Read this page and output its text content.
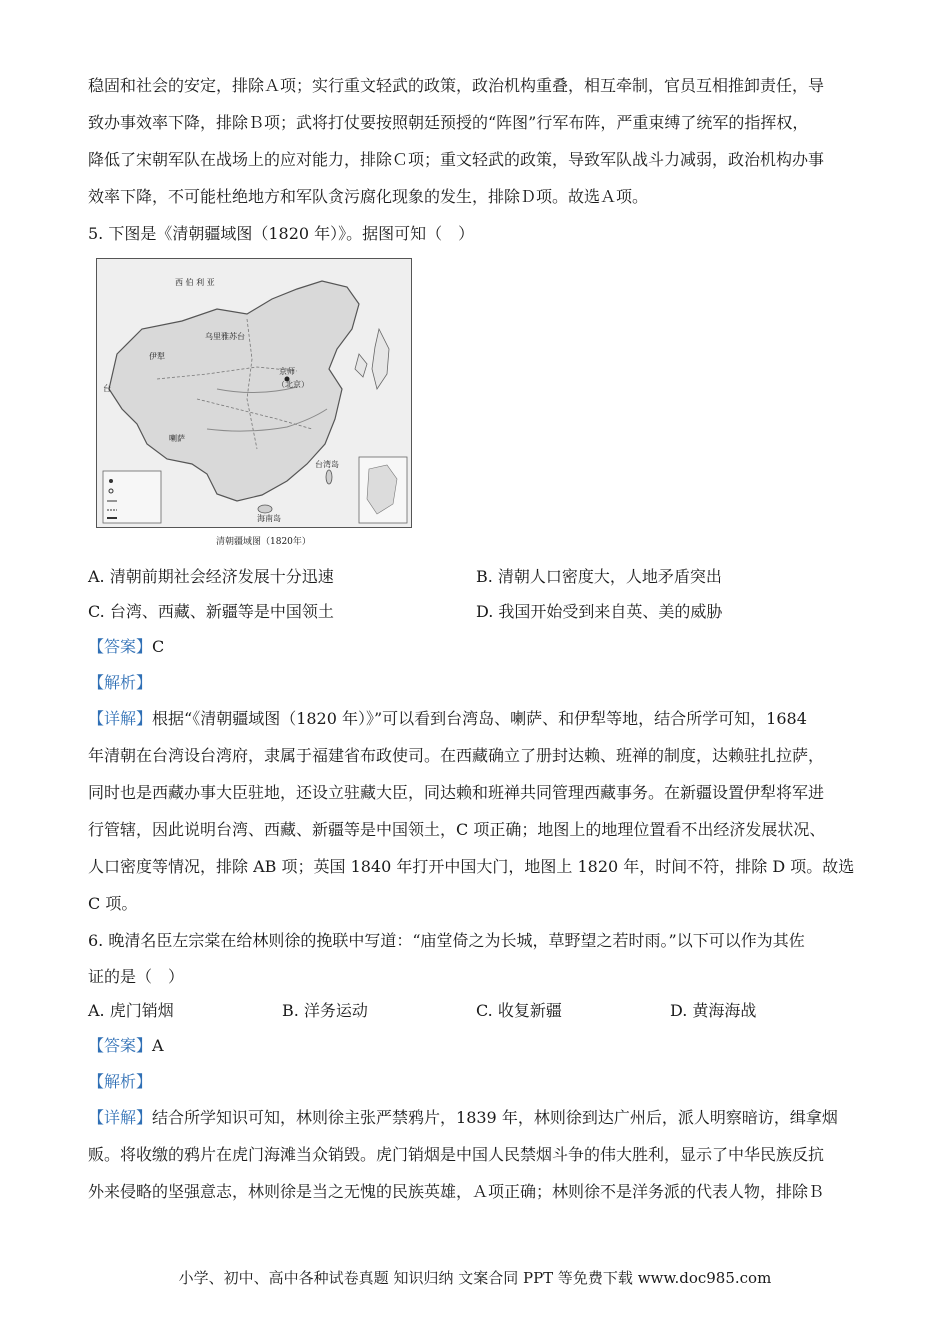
稳固和社会的安定，排除Ａ项；实行重文轻武的政策，政治机构重叠，相互牵制，官员互相推卸责任，导
致办事效率下降，排除Ｂ项；武将打仗要按照朝廷预授的“阵图”行军布阵，严重束缚了统军的指挥权，
降低了宋朝军队在战场上的应对能力，排除Ｃ项；重文轻武的政策，导致军队战斗力减弱，政治机构办事
效率下降，不可能杜绝地方和军队贪污腐化现象的发生，排除Ｄ项。故选Ａ项。
5. 下图是《清朝疆域图（1820 年）》。据图可知（　）
西 伯 利 亚
乌里雅苏台
伊犁
京师
（北京）
喇萨
台湾岛
海南岛
台
清朝疆域图（1820年）
A. 清朝前期社会经济发展十分迅速	B. 清朝人口密度大，人地矛盾突出
C. 台湾、西藏、新疆等是中国领土	D. 我国开始受到来自英、美的威胁
【答案】C
【解析】
【详解】根据“《清朝疆域图（1820 年）》”可以看到台湾岛、喇萨、和伊犁等地，结合所学可知，1684
年清朝在台湾设台湾府，隶属于福建省布政使司。在西藏确立了册封达赖、班禅的制度，达赖驻扎拉萨，
同时也是西藏办事大臣驻地，还设立驻藏大臣，同达赖和班禅共同管理西藏事务。在新疆设置伊犁将军进
行管辖，因此说明台湾、西藏、新疆等是中国领土，C 项正确；地图上的地理位置看不出经济发展状况、
人口密度等情况，排除 AB 项；英国 1840 年打开中国大门，地图上 1820 年，时间不符，排除 D 项。故选
C 项。
6. 晚清名臣左宗棠在给林则徐的挽联中写道：“庙堂倚之为长城，草野望之若时雨。”以下可以作为其佐
证的是（　）
A. 虎门销烟	B. 洋务运动	C. 收复新疆	D. 黄海海战
【答案】A
【解析】
【详解】结合所学知识可知，林则徐主张严禁鸦片，1839 年，林则徐到达广州后，派人明察暗访，缉拿烟
贩。将收缴的鸦片在虎门海滩当众销毁。虎门销烟是中国人民禁烟斗争的伟大胜利，显示了中华民族反抗
外来侵略的坚强意志，林则徐是当之无愧的民族英雄，Ａ项正确；林则徐不是洋务派的代表人物，排除Ｂ
小学、初中、高中各种试卷真题 知识归纳 文案合同 PPT 等免费下载 www.doc985.com
